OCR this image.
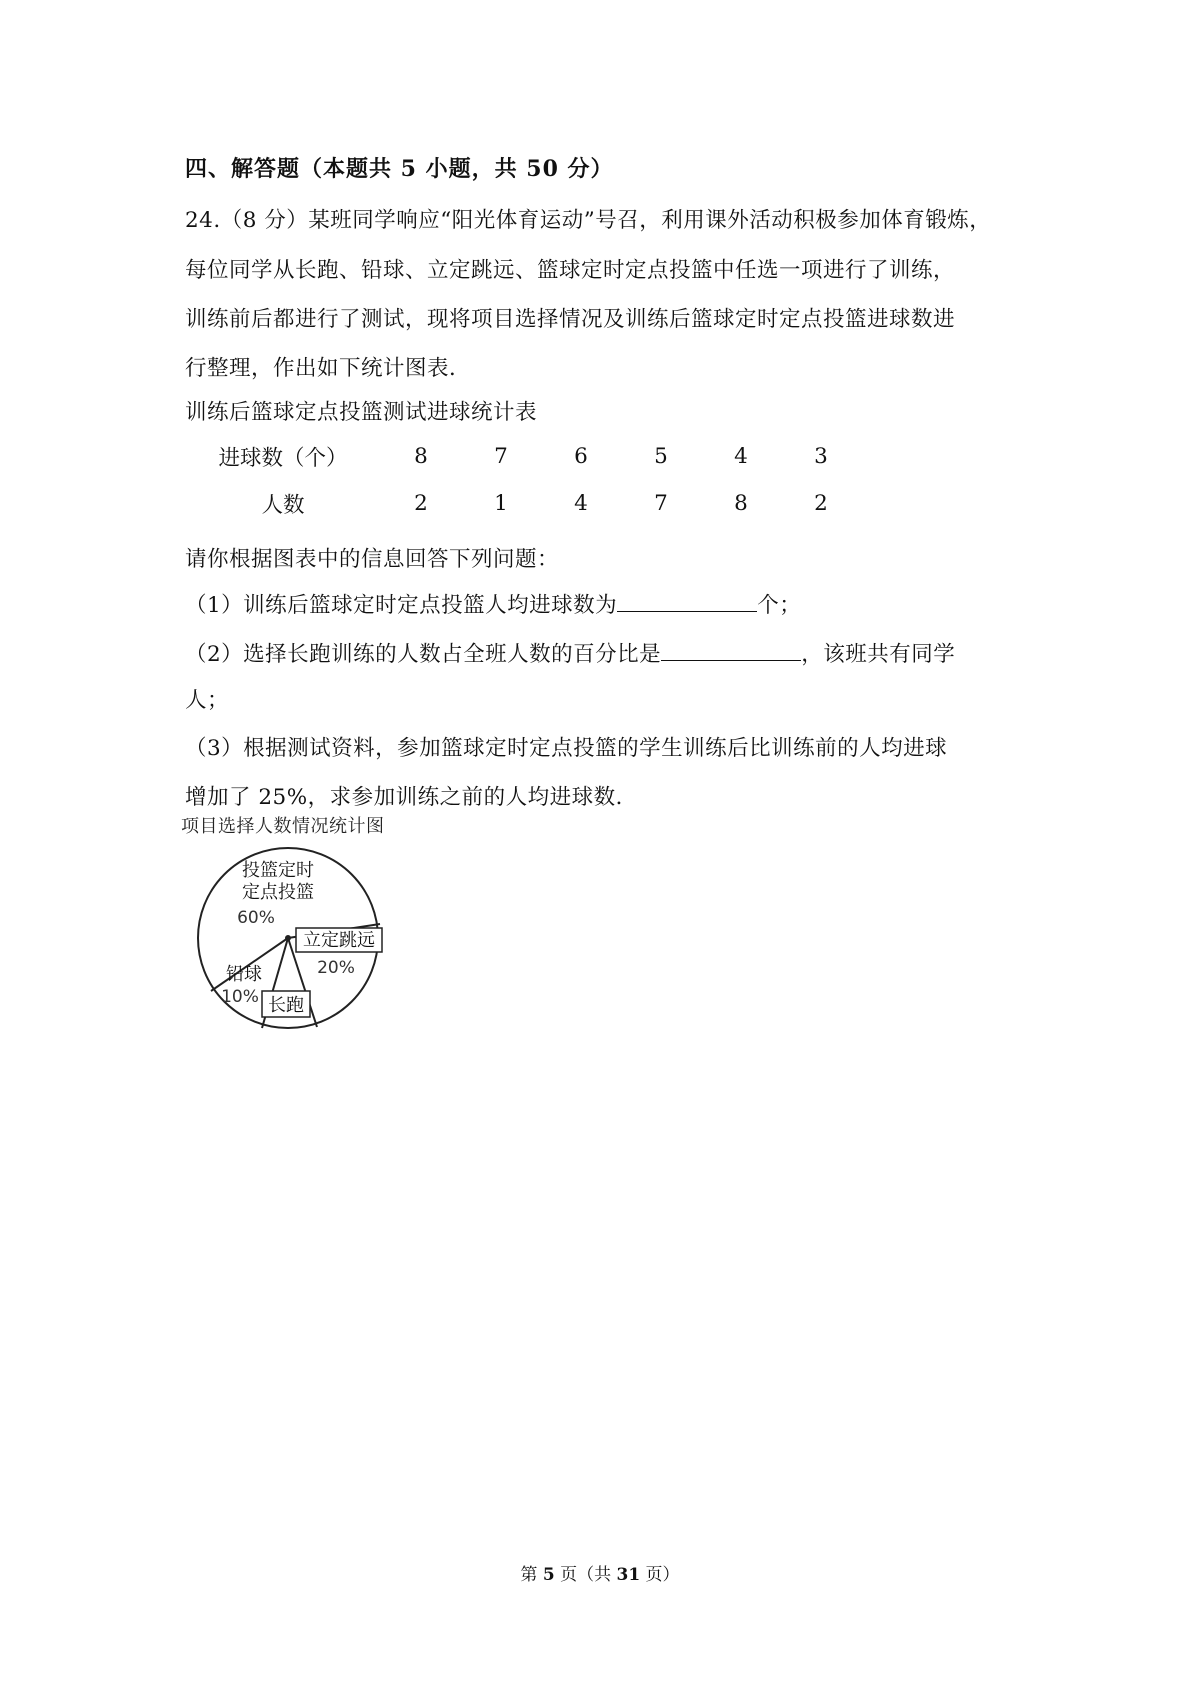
四、解答题（本题共 5 小题，共 50 分）
24.（8 分）某班同学响应“阳光体育运动”号召，利用课外活动积极参加体育锻炼，
每位同学从长跑、铅球、立定跳远、篮球定时定点投篮中任选一项进行了训练，
训练前后都进行了测试，现将项目选择情况及训练后篮球定时定点投篮进球数进
行整理，作出如下统计图表．
训练后篮球定点投篮测试进球统计表
进球数（个）	8	7	6	5	4	3
人数	2	1	4	7	8	2
请你根据图表中的信息回答下列问题：
（1）训练后篮球定时定点投篮人均进球数为	个；
（2）选择长跑训练的人数占全班人数的百分比是	，该班共有同学
人；
（3）根据测试资料，参加篮球定时定点投篮的学生训练后比训练前的人均进球
增加了 25%，求参加训练之前的人均进球数．
项目选择人数情况统计图
投篮定时
定点投篮
60%
立定跳远
20%
长跑
铅球
10%
第 5 页（共 31 页）
